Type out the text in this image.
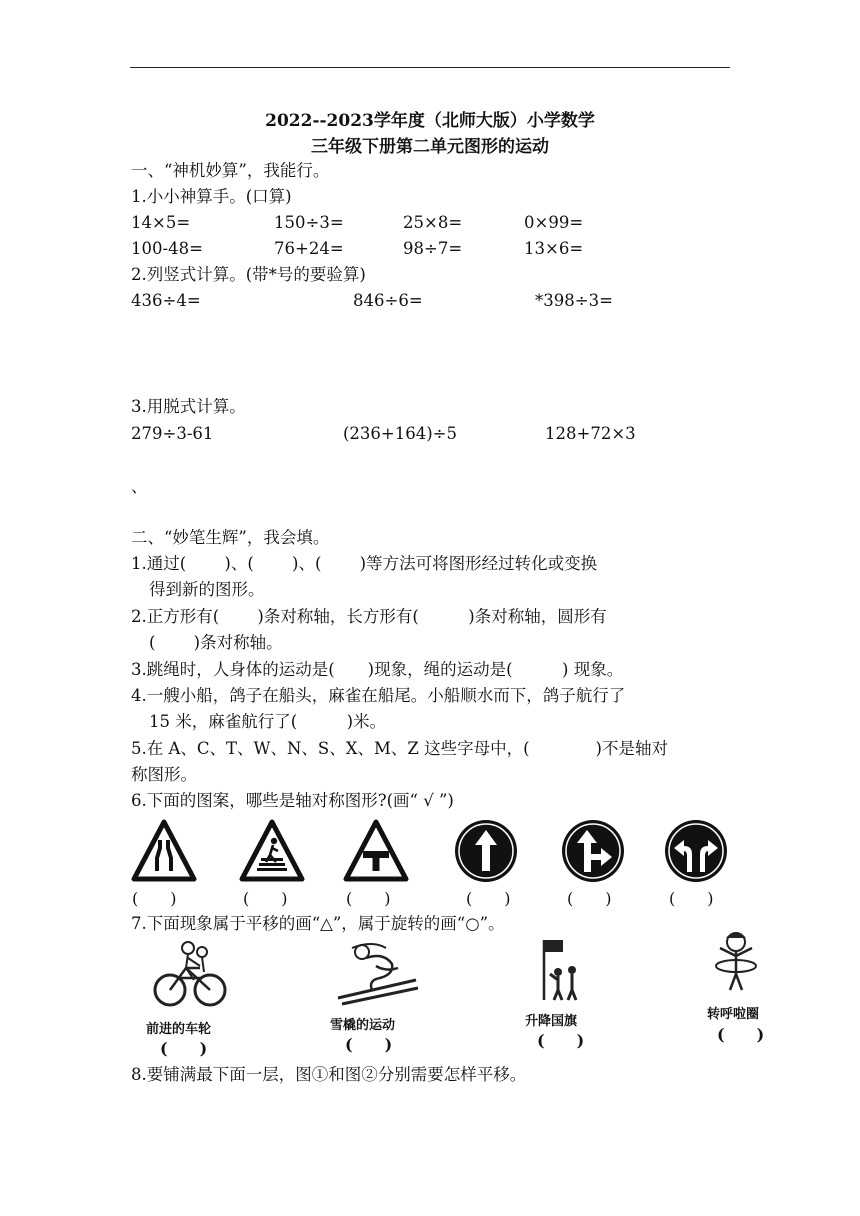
2022--2023学年度（北师大版）小学数学
三年级下册第二单元图形的运动
一、“神机妙算”，我能行。
1.小小神算手。(口算)
14×5=	150÷3=	25×8=	0×99=
100-48=	76+24=	98÷7=	13×6=
2.列竖式计算。(带*号的要验算)
436÷4=	846÷6=	*398÷3=
3.用脱式计算。
279÷3-61	(236+164)÷5	128+72×3
、
二、“妙笔生辉”，我会填。
1.通过(　　 )、(　　 )、(　　 )等方法可将图形经过转化或变换
得到新的图形。
2.正方形有(　　 )条对称轴，长方形有(　　　)条对称轴，圆形有
(　　 )条对称轴。
3.跳绳时，人身体的运动是(　　)现象，绳的运动是(　　　) 现象。
4.一艘小船，鸽子在船头，麻雀在船尾。小船顺水而下，鸽子航行了
15 米，麻雀航行了(　　　)米。
5.在 A、C、T、W、N、S、X、M、Z 这些字母中，(　　　　)不是轴对
称图形。
6.下面的图案，哪些是轴对称图形?(画“ √ ”)
(　　)	(　　)	(　　)	(　　)	(　　)	(　　)
7.下面现象属于平移的画“△”，属于旋转的画“○”。
前进的车轮
(　　)
雪橇的运动
(　　)
升降国旗
(　　)
转呼啦圈
(　　)
8.要铺满最下面一层，图①和图②分别需要怎样平移。
